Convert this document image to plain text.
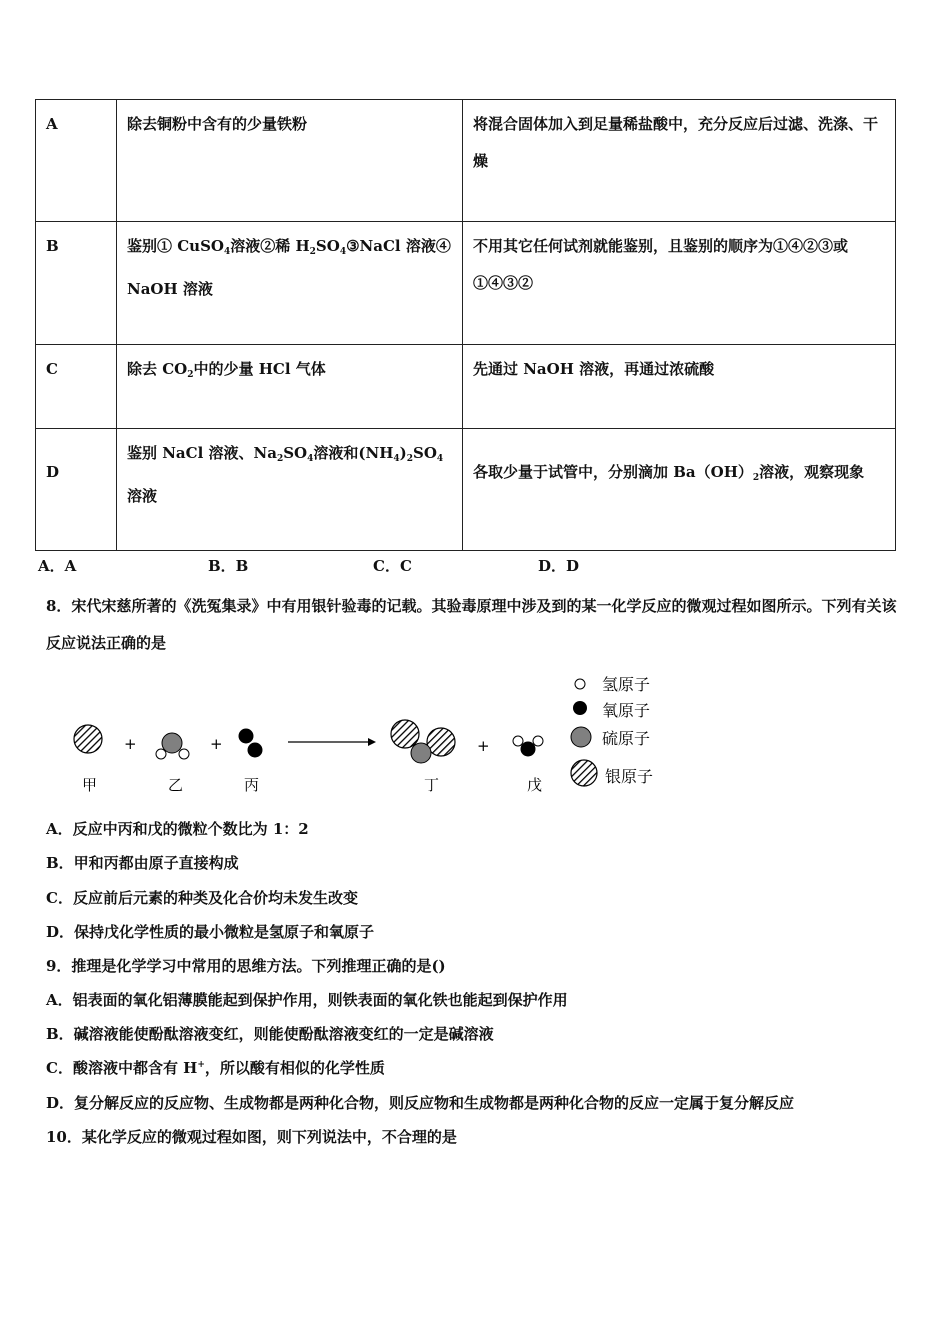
A	除去铜粉中含有的少量铁粉	将混合固体加入到足量稀盐酸中，充分反应后过滤、洗涤、干燥
B	鉴别① CuSO$_4$溶液②稀 $H_2SO_4③NaCl$ 溶液④ NaOH 溶液	不用其它任何试剂就能鉴别，且鉴别的顺序为①④②③或①④③②
C	除去 $CO_2$中的少量 HCl 气体	先通过 NaOH 溶液，再通过浓硫酸
D	鉴别 NaCl 溶液、$Na_2SO_4$溶液和$(NH_4)_2SO_4$溶液	各取少量于试管中，分别滴加 $Ba(OH)_2$溶液，观察现象
A．A	B．B	C．C	D．D
8．宋代宋慈所著的《洗冤集录》中有用银针验毒的记载。其验毒原理中涉及到的某一化学反应的微观过程如图所示。下列有关该反应说法正确的是
+	+	+
甲	乙	丙	丁	戊
氢原子
氧原子
硫原子
银原子
A．反应中丙和戊的微粒个数比为 1：2
B．甲和丙都由原子直接构成
C．反应前后元素的种类及化合价均未发生改变
D．保持戊化学性质的最小微粒是氢原子和氧原子
9．推理是化学学习中常用的思维方法。下列推理正确的是()
A．铝表面的氧化铝薄膜能起到保护作用，则铁表面的氧化铁也能起到保护作用
B．碱溶液能使酚酞溶液变红，则能使酚酞溶液变红的一定是碱溶液
C．酸溶液中都含有 H+，所以酸有相似的化学性质
D．复分解反应的反应物、生成物都是两种化合物，则反应物和生成物都是两种化合物的反应一定属于复分解反应
10．某化学反应的微观过程如图，则下列说法中，不合理的是
